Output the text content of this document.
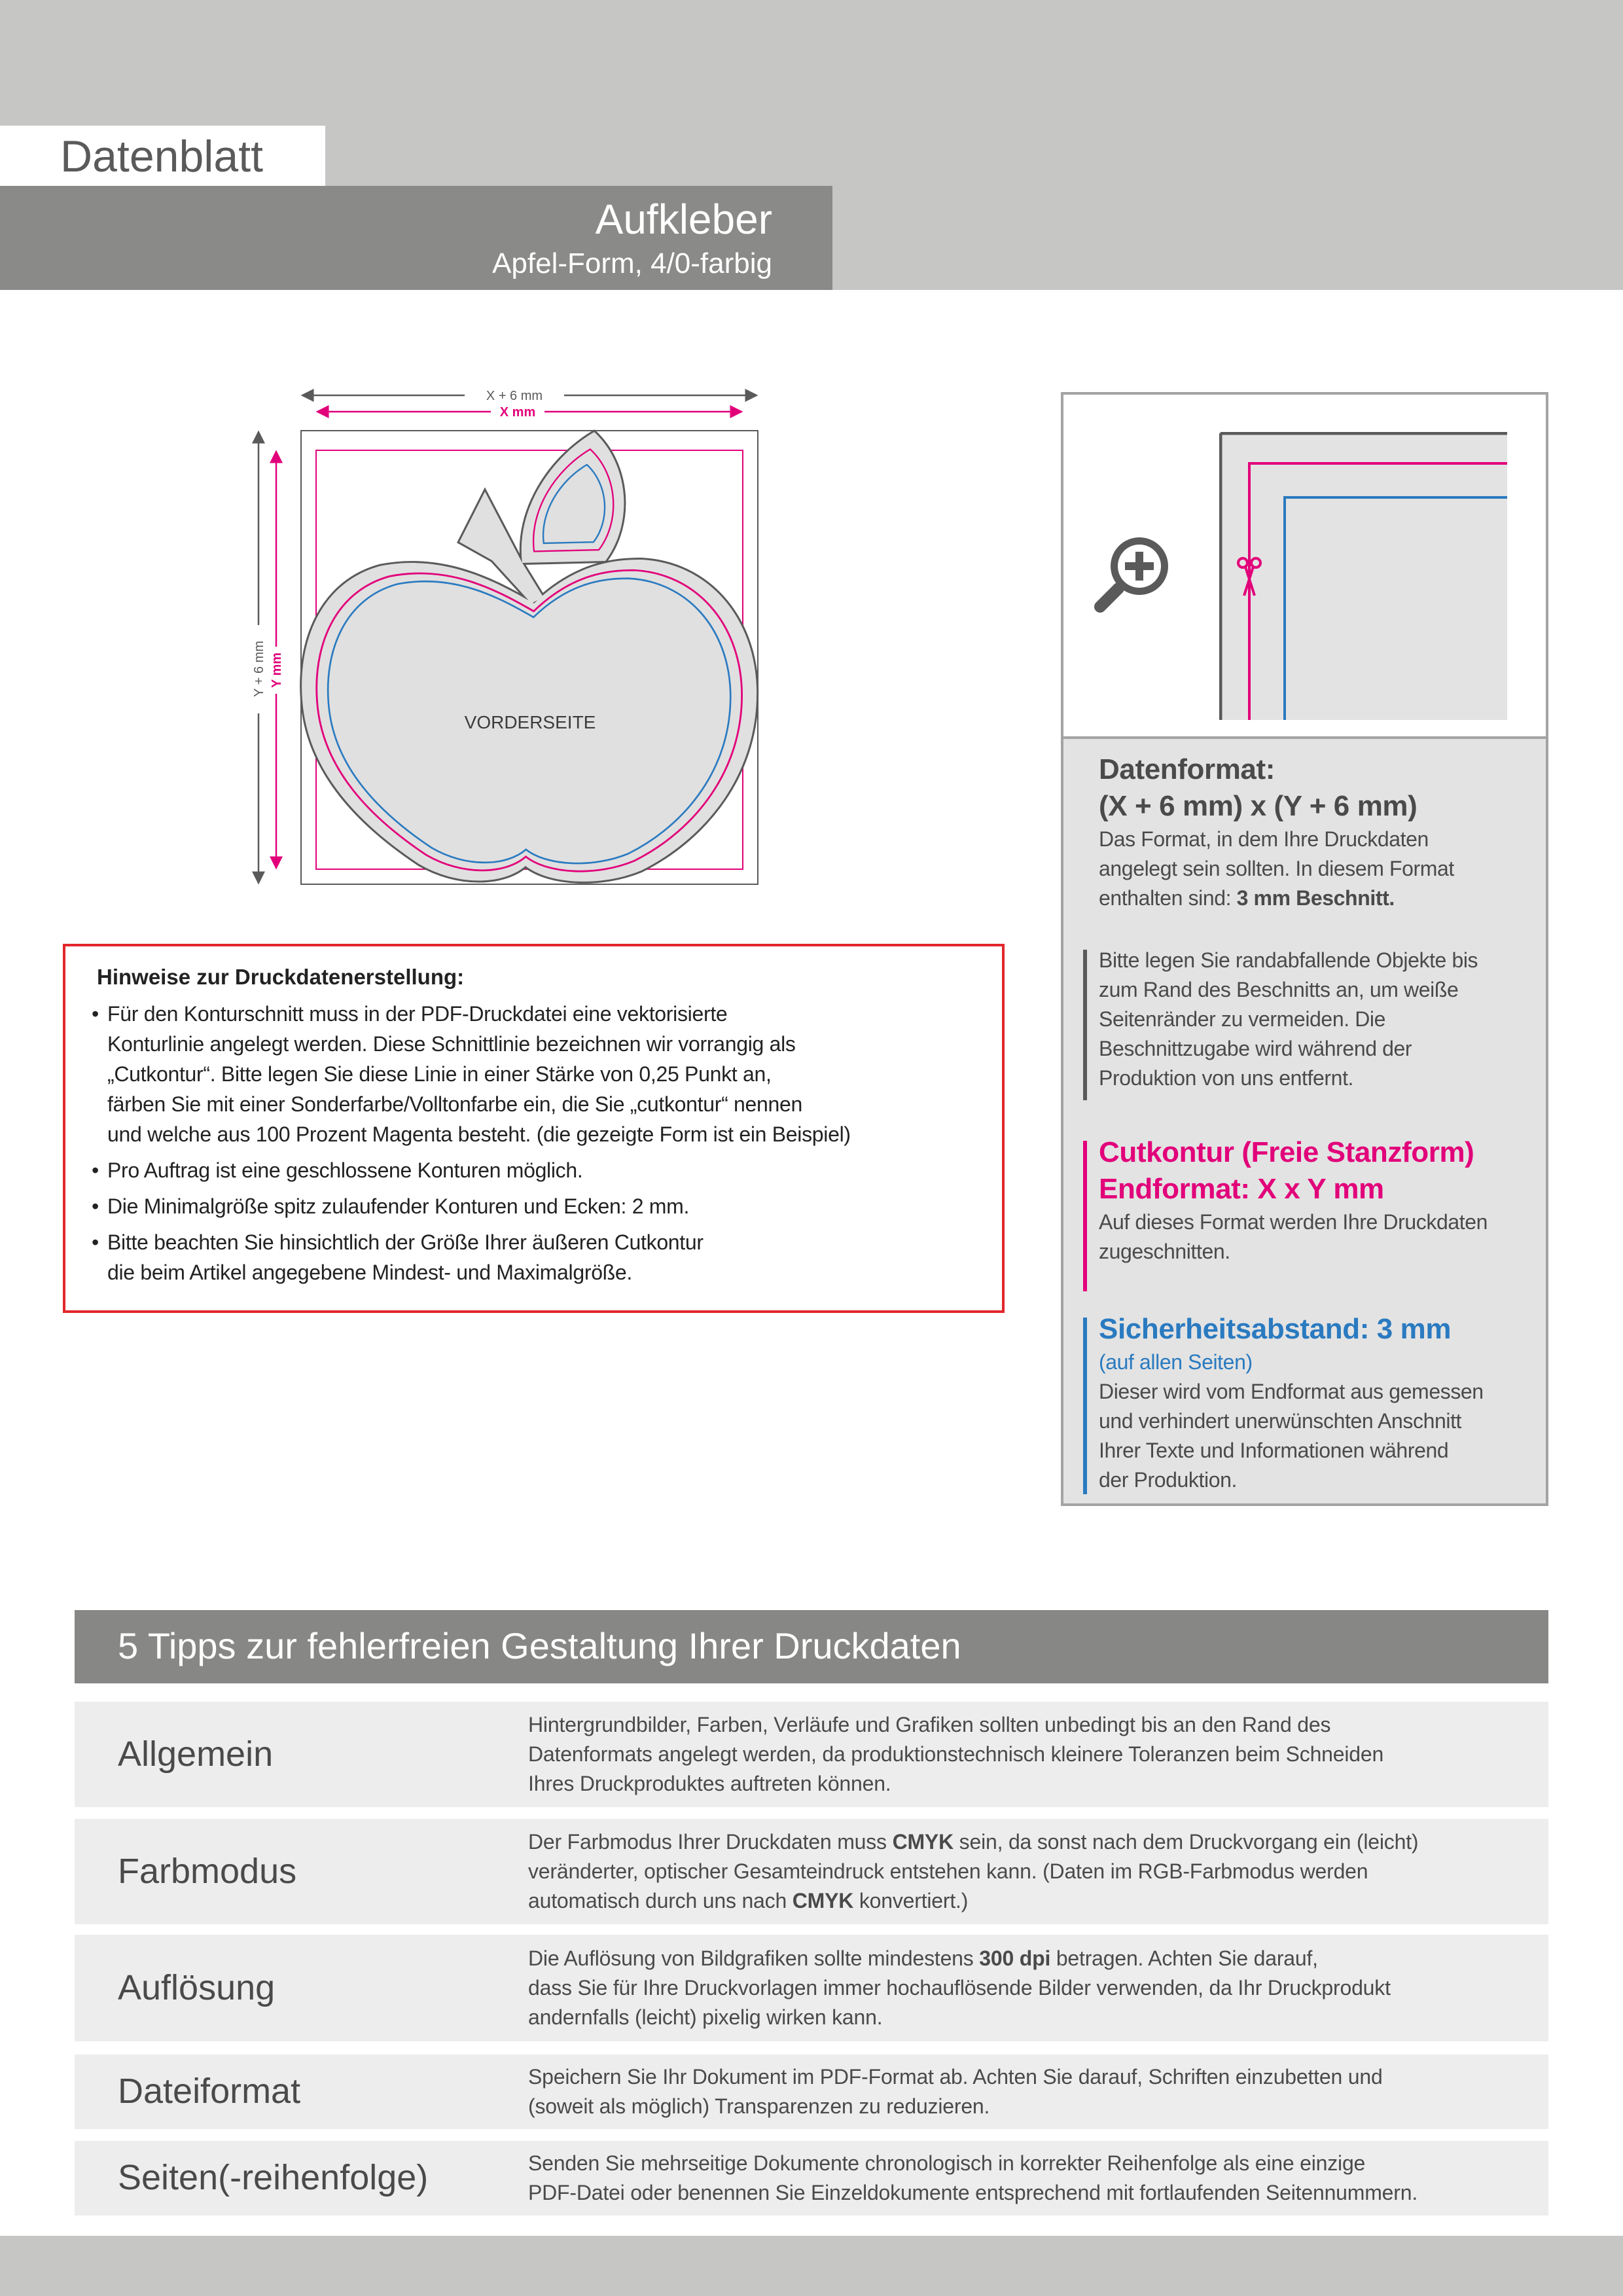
Datenblatt
Aufkleber
Apfel-Form, 4/0-farbig
X + 6 mm
X mm
Y + 6 mm Y mm
VORDERSEITE
Hinweise zur Druckdatenerstellung:
• Für den Konturschnitt muss in der PDF-Druckdatei eine vektorisierte
Konturlinie angelegt werden. Diese Schnittlinie bezeichnen wir vorrangig als
„Cutkontur“. Bitte legen Sie diese Linie in einer Stärke von 0,25 Punkt an,
färben Sie mit einer Sonderfarbe/Volltonfarbe ein, die Sie „cutkontur“ nennen
und welche aus 100 Prozent Magenta besteht. (die gezeigte Form ist ein Beispiel)
• Pro Auftrag ist eine geschlossene Konturen möglich.
• Die Minimalgröße spitz zulaufender Konturen und Ecken: 2 mm.
• Bitte beachten Sie hinsichtlich der Größe Ihrer äußeren Cutkontur
die beim Artikel angegebene Mindest- und Maximalgröße.
Datenformat:
(X + 6 mm) x (Y + 6 mm)
Das Format, in dem Ihre Druckdaten
angelegt sein sollten. In diesem Format
enthalten sind: 3 mm Beschnitt.
Bitte legen Sie randabfallende Objekte bis
zum Rand des Beschnitts an, um weiße
Seitenränder zu vermeiden. Die
Beschnittzugabe wird während der
Produktion von uns entfernt.
Cutkontur (Freie Stanzform)
Endformat: X x Y mm
Auf dieses Format werden Ihre Druckdaten
zugeschnitten.
Sicherheitsabstand: 3 mm
(auf allen Seiten)
Dieser wird vom Endformat aus gemessen
und verhindert unerwünschten Anschnitt
Ihrer Texte und Informationen während
der Produktion.
5 Tipps zur fehlerfreien Gestaltung Ihrer Druckdaten
Allgemein
Hintergrundbilder, Farben, Verläufe und Grafiken sollten unbedingt bis an den Rand des
Datenformats angelegt werden, da produktionstechnisch kleinere Toleranzen beim Schneiden
Ihres Druckproduktes auftreten können.
Farbmodus
Der Farbmodus Ihrer Druckdaten muss CMYK sein, da sonst nach dem Druckvorgang ein (leicht)
veränderter, optischer Gesamteindruck entstehen kann. (Daten im RGB-Farbmodus werden
automatisch durch uns nach CMYK konvertiert.)
Auflösung
Die Auflösung von Bildgrafiken sollte mindestens 300 dpi betragen. Achten Sie darauf,
dass Sie für Ihre Druckvorlagen immer hochauflösende Bilder verwenden, da Ihr Druckprodukt
andernfalls (leicht) pixelig wirken kann.
Dateiformat	Speichern Sie Ihr Dokument im PDF-Format ab. Achten Sie darauf, Schriften einzubetten und
(soweit als möglich) Transparenzen zu reduzieren.
Seiten(-reihenfolge)	Senden Sie mehrseitige Dokumente chronologisch in korrekter Reihenfolge als eine einzige
PDF-Datei oder benennen Sie Einzeldokumente entsprechend mit fortlaufenden Seitennummern.
